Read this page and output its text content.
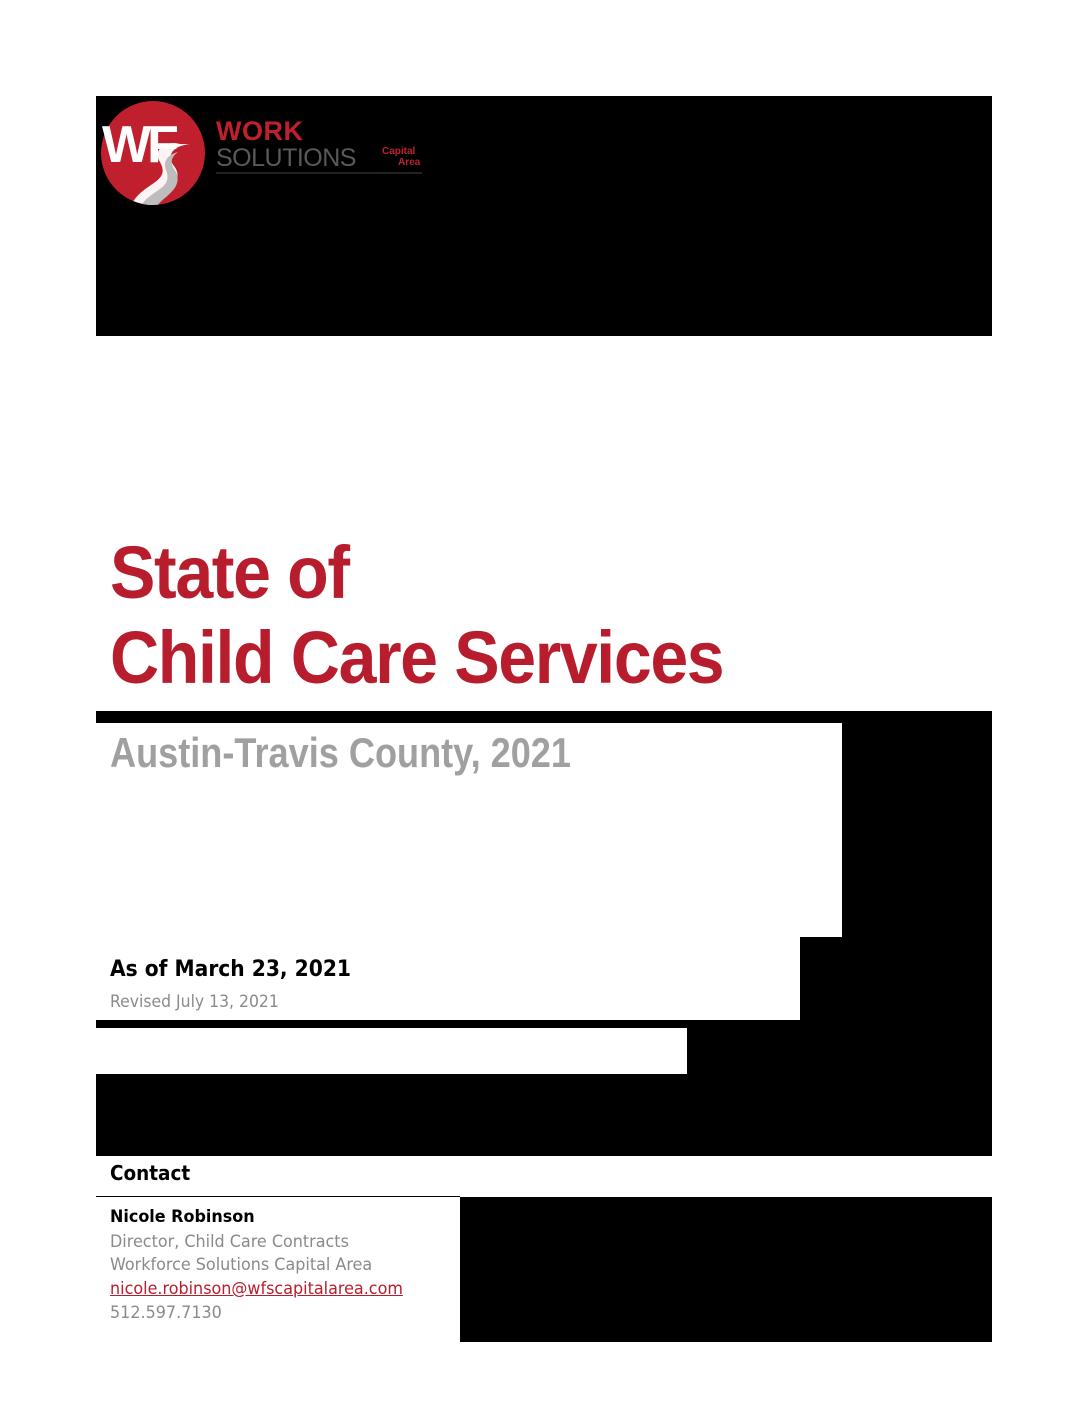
WF WORK
SOLUTIONS	Capital
Area
State of
Child Care Services
Austin-Travis County, 2021
As of March 23, 2021
Revised July 13, 2021
Contact
Nicole Robinson
Director, Child Care Contracts
Workforce Solutions Capital Area
nicole.robinson@wfscapitalarea.com
512.597.7130
